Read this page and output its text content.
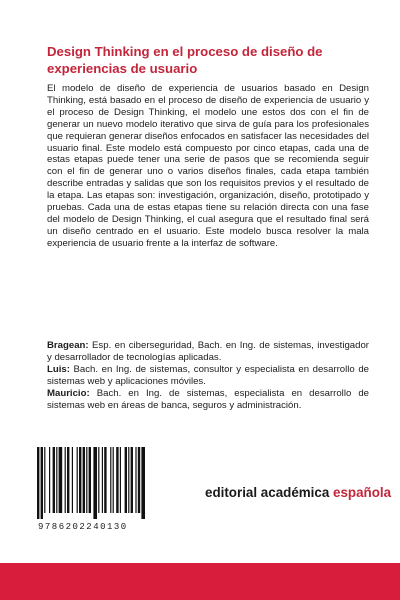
Design Thinking en el proceso de diseño de experiencias de usuario

El modelo de diseño de experiencia de usuarios basado en Design Thinking, está basado en el proceso de diseño de experiencia de usuario y el proceso de Design Thinking, el modelo une estos dos con el fin de generar un nuevo modelo iterativo que sirva de guía para los profesionales que requieran generar diseños enfocados en satisfacer las necesidades del usuario final. Este modelo está compuesto por cinco etapas, cada una de estas etapas puede tener una serie de pasos que se recomienda seguir con el fin de generar uno o varios diseños finales, cada etapa también describe entradas y salidas que son los requisitos previos y el resultado de la etapa. Las etapas son: investigación, organización, diseño, prototipado y pruebas. Cada una de estas etapas tiene su relación directa con una fase del modelo de Design Thinking, el cual asegura que el resultado final será un diseño centrado en el usuario. Este modelo busca resolver la mala experiencia de usuario frente a la interfaz de software.

Bragean: Esp. en ciberseguridad, Bach. en Ing. de sistemas, investigador y desarrollador de tecnologías aplicadas.

Luis: Bach. en Ing. de sistemas, consultor y especialista en desarrollo de sistemas web y aplicaciones móviles.

Mauricio: Bach. en Ing. de sistemas, especialista en desarrollo de sistemas web en áreas de banca, seguros y administración.

9786202240130
editorial académica española
